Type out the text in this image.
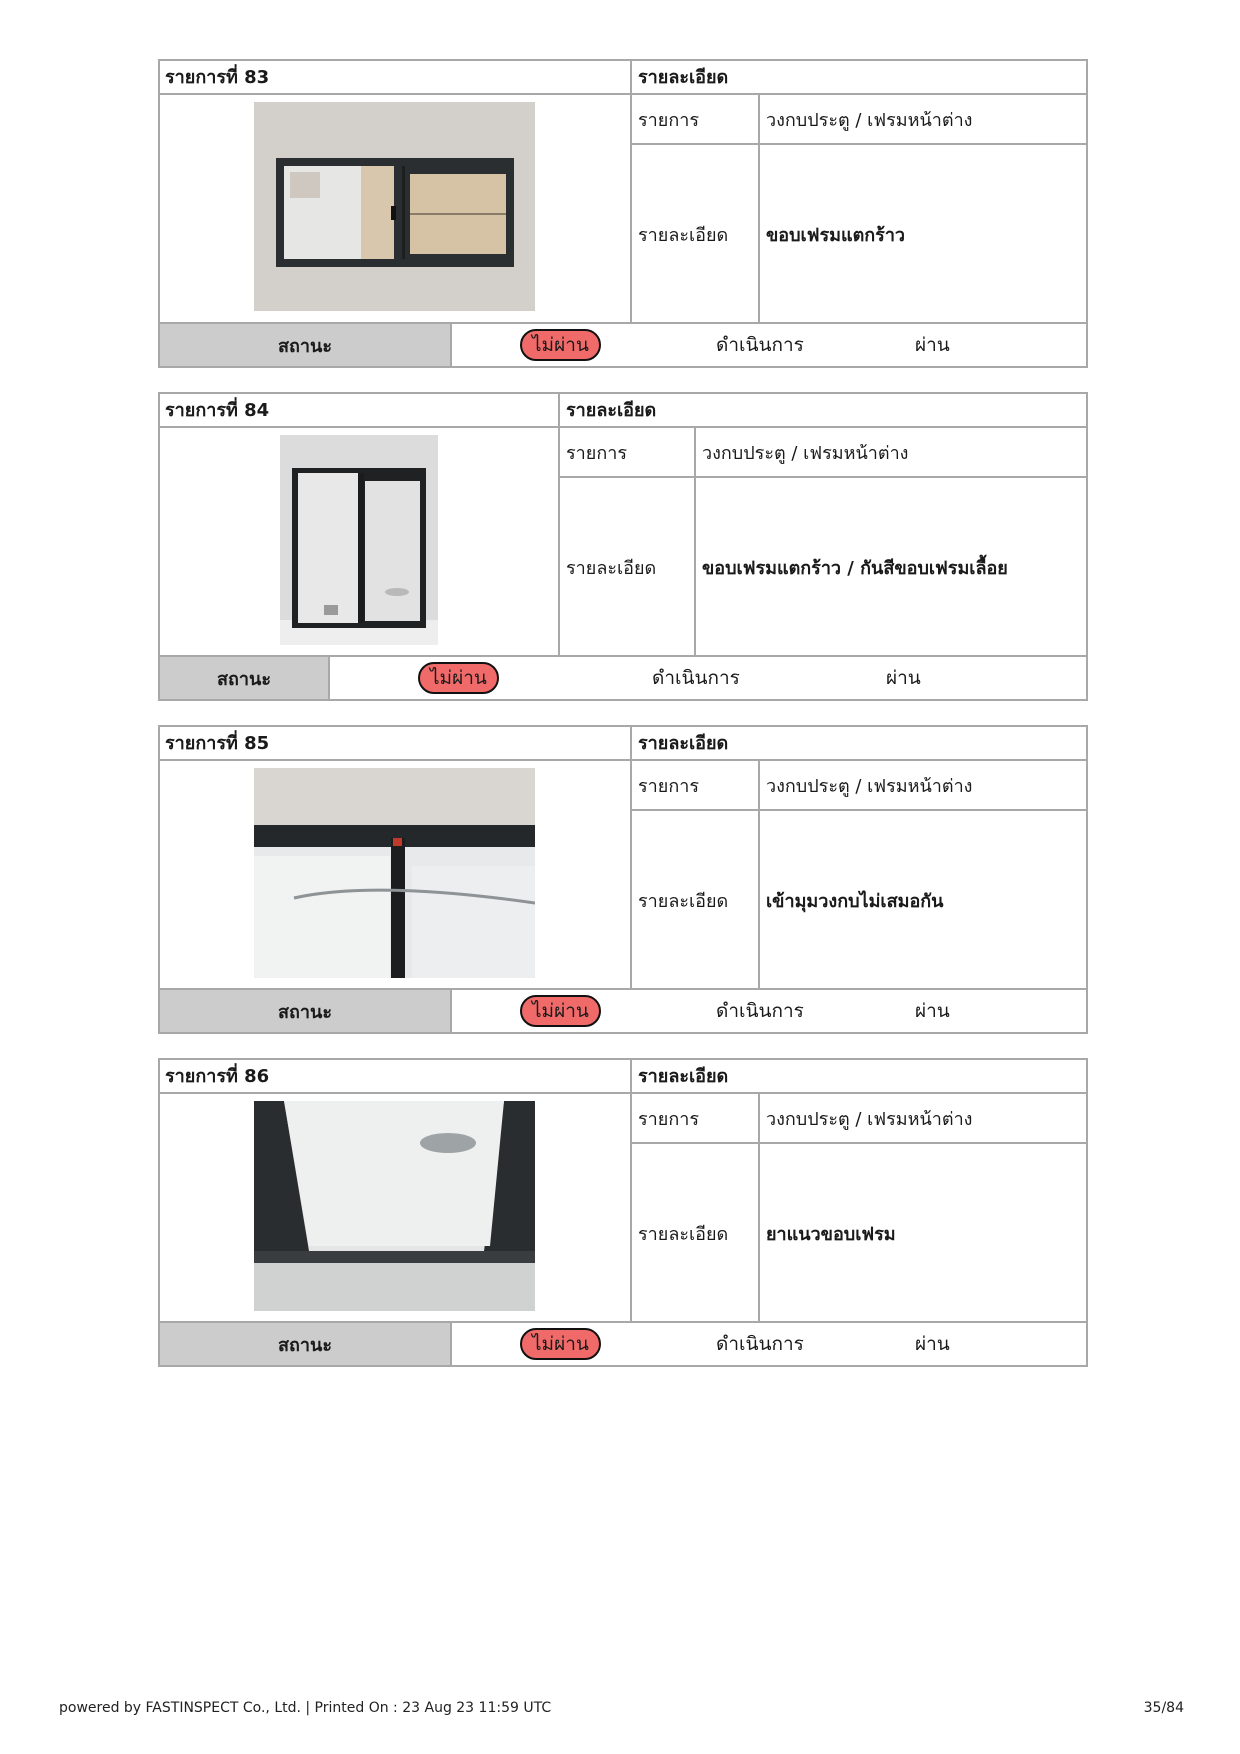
รายการที่ 83	รายละเอียด
รายการ	วงกบประตู / เฟรมหน้าต่าง
รายละเอียด	ขอบเฟรมแตกร้าว
สถานะ	ไม่ผ่าน	ดำเนินการ	ผ่าน
รายการที่ 84	รายละเอียด
รายการ	วงกบประตู / เฟรมหน้าต่าง
รายละเอียด	ขอบเฟรมแตกร้าว / กันสีขอบเฟรมเลื้อย
สถานะ	ไม่ผ่าน	ดำเนินการ	ผ่าน
รายการที่ 85	รายละเอียด
รายการ	วงกบประตู / เฟรมหน้าต่าง
รายละเอียด	เข้ามุมวงกบไม่เสมอกัน
สถานะ	ไม่ผ่าน	ดำเนินการ	ผ่าน
รายการที่ 86	รายละเอียด
รายการ	วงกบประตู / เฟรมหน้าต่าง
รายละเอียด	ยาแนวขอบเฟรม
สถานะ	ไม่ผ่าน	ดำเนินการ	ผ่าน
powered by FASTINSPECT Co., Ltd. | Printed On : 23 Aug 23 11:59 UTC	35/84
